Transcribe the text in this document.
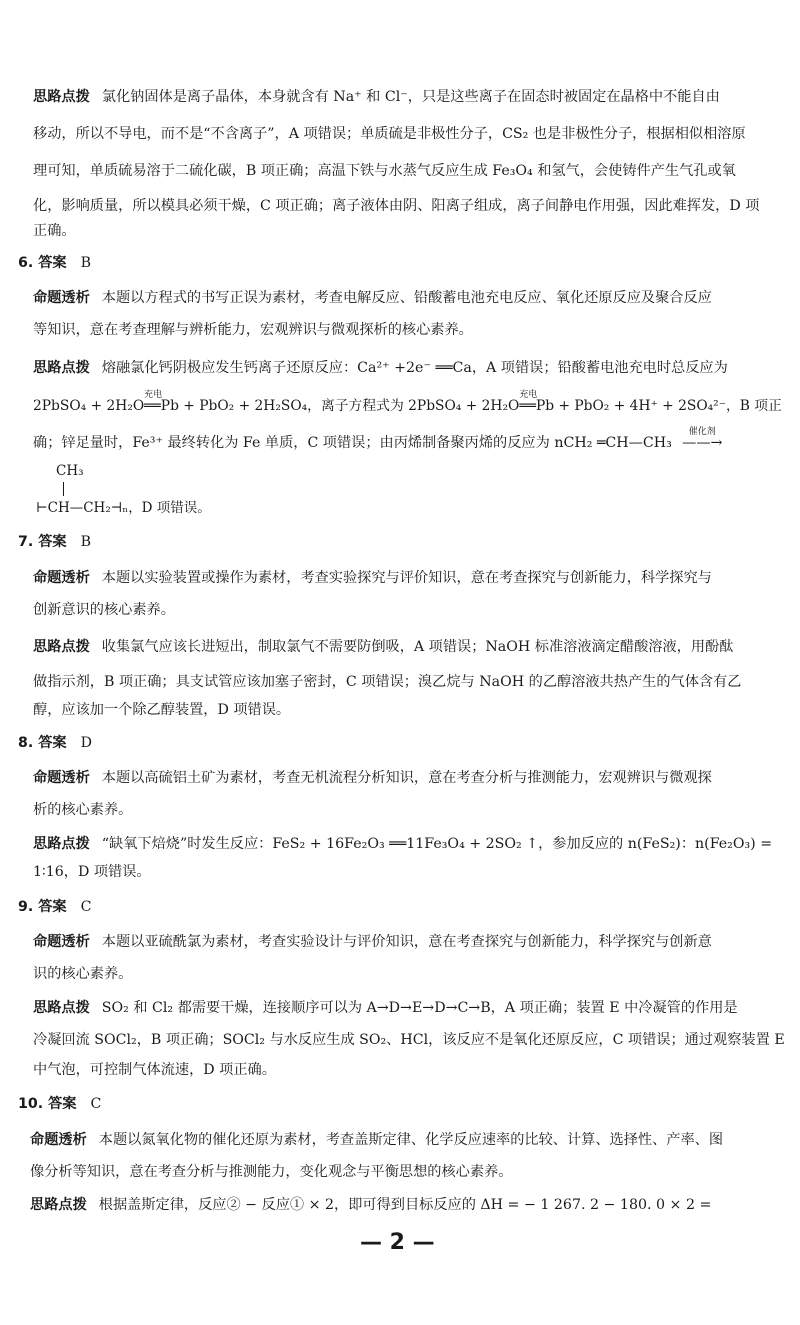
思路点拨 氯化钠固体是离子晶体，本身就含有 Na⁺ 和 Cl⁻，只是这些离子在固态时被固定在晶格中不能自由
移动，所以不导电，而不是“不含离子”，A 项错误；单质硫是非极性分子，CS₂ 也是非极性分子，根据相似相溶原
理可知，单质硫易溶于二硫化碳，B 项正确；高温下铁与水蒸气反应生成 Fe₃O₄ 和氢气，会使铸件产生气孔或氧
化，影响质量，所以模具必须干燥，C 项正确；离子液体由阴、阳离子组成，离子间静电作用强，因此难挥发，D 项
正确。
6. 答案 B
命题透析 本题以方程式的书写正误为素材，考查电解反应、铅酸蓄电池充电反应、氧化还原反应及聚合反应
等知识，意在考查理解与辨析能力，宏观辨识与微观探析的核心素养。
思路点拨 熔融氯化钙阴极应发生钙离子还原反应：Ca²⁺ +2e⁻ ══Ca，A 项错误；铅酸蓄电池充电时总反应为
2PbSO₄ + 2H₂O
充电
══Pb + PbO₂ + 2H₂SO₄，离子方程式为 2PbSO₄ + 2H₂O
充电
══Pb + PbO₂ + 4H⁺ + 2SO₄²⁻，B 项正
确；锌足量时，Fe³⁺ 最终转化为 Fe 单质，C 项错误；由丙烯制备聚丙烯的反应为 nCH₂ ═CH—CH₃
催化剂
——→
CH₃
⊢CH—CH₂⊣ₙ，D 项错误。
7. 答案 B
命题透析 本题以实验装置或操作为素材，考查实验探究与评价知识，意在考查探究与创新能力，科学探究与
创新意识的核心素养。
思路点拨 收集氯气应该长进短出，制取氯气不需要防倒吸，A 项错误；NaOH 标准溶液滴定醋酸溶液，用酚酞
做指示剂，B 项正确；具支试管应该加塞子密封，C 项错误；溴乙烷与 NaOH 的乙醇溶液共热产生的气体含有乙
醇，应该加一个除乙醇装置，D 项错误。
8. 答案 D
命题透析 本题以高硫铝土矿为素材，考查无机流程分析知识，意在考查分析与推测能力，宏观辨识与微观探
析的核心素养。
思路点拨 “缺氧下焙烧”时发生反应：FeS₂ + 16Fe₂O₃ ══11Fe₃O₄ + 2SO₂ ↑，参加反应的 n(FeS₂)：n(Fe₂O₃) =
1∶16，D 项错误。
9. 答案 C
命题透析 本题以亚硫酰氯为素材，考查实验设计与评价知识，意在考查探究与创新能力，科学探究与创新意
识的核心素养。
思路点拨 SO₂ 和 Cl₂ 都需要干燥，连接顺序可以为 A→D→E→D→C→B，A 项正确；装置 E 中冷凝管的作用是
冷凝回流 SOCl₂，B 项正确；SOCl₂ 与水反应生成 SO₂、HCl，该反应不是氧化还原反应，C 项错误；通过观察装置 E
中气泡，可控制气体流速，D 项正确。
10. 答案 C
命题透析 本题以氮氧化物的催化还原为素材，考查盖斯定律、化学反应速率的比较、计算、选择性、产率、图
像分析等知识，意在考查分析与推测能力，变化观念与平衡思想的核心素养。
思路点拨 根据盖斯定律，反应② − 反应① × 2，即可得到目标反应的 ΔH = − 1 267. 2 − 180. 0 × 2 =
— 2 —
